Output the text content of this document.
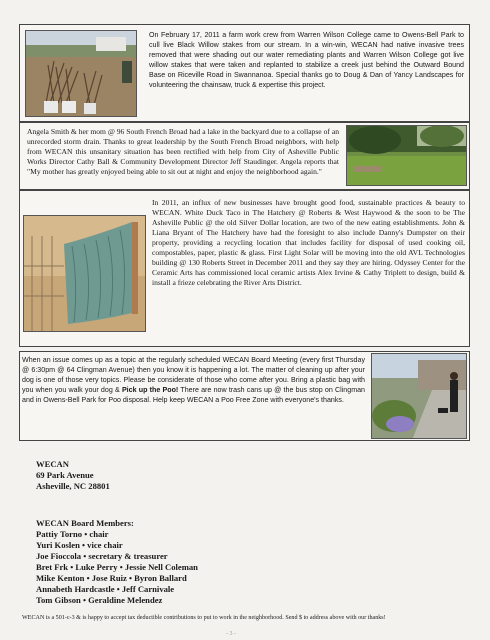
On February 17, 2011 a farm work crew from Warren Wilson College came to Owens-Bell Park to cull live Black Willow stakes from our stream. In a win-win, WECAN had native invasive trees removed that were shading out our water remediating plants and Warren Wilson College got live willow stakes that were taken and replanted to stabilize a creek just behind the Outward Bound Base on Riceville Road in Swannanoa. Special thanks go to Doug & Dan of Yancy Landscapes for volunteering the chainsaw, truck & expertise this project.

Angela Smith & her mom @ 96 South French Broad had a lake in the backyard due to a collapse of an unrecorded storm drain. Thanks to great leadership by the South French Broad neighbors, with help from WECAN this unsanitary situation has been rectified with help from City of Asheville Public Works Director Cathy Ball & Community Development Director Jeff Staudinger. Angela reports that "My mother has greatly enjoyed being able to sit out at night and enjoy the neighborhood again."

In 2011, an influx of new businesses have brought good food, sustainable practices & beauty to WECAN. White Duck Taco in The Hatchery @ Roberts & West Haywood & the soon to be The Asheville Public @ the old Silver Dollar location, are two of the new eating establishments. John & Liana Bryant of The Hatchery have had the foresight to also include Danny's Dumpster on their property, providing a recycling location that includes facility for disposal of used cooking oil, compostables, paper, plastic & glass. First Light Solar will be moving into the old AVL Technologies building @ 130 Roberts Street in December 2011 and they say they are hiring. Odyssey Center for the Ceramic Arts has commissioned local ceramic artists Alex Irvine & Cathy Triplett to design, build & install a frieze celebrating the River Arts District.

When an issue comes up as a topic at the regularly scheduled WECAN Board Meeting (every first Thursday @ 6:30pm @ 64 Clingman Avenue) then you know it is happening a lot. The matter of cleaning up after your dog is one of those very topics. Please be considerate of those who come after you. Bring a plastic bag with you when you walk your dog & Pick up the Poo! There are now trash cans up @ the bus stop on Clingman and in Owens-Bell Park for Poo disposal. Help keep WECAN a Poo Free Zone with everyone's thanks.

WECAN
69 Park Avenue
Asheville, NC 28801
WECAN Board Members:
Pattiy Torno • chair
Yuri Koslen • vice chair
Joe Fioccola • secretary & treasurer
Bret Frk • Luke Perry • Jessie Nell Coleman
Mike Kenton • Jose Ruiz • Byron Ballard
Annabeth Hardcastle • Jeff Carnivale
Tom Gibson • Geraldine Melendez
WECAN is a 501-c-3 & is happy to accept tax deductible contributions to put to work in the neighborhood. Send $ to address above with our thanks!
- 3 -
